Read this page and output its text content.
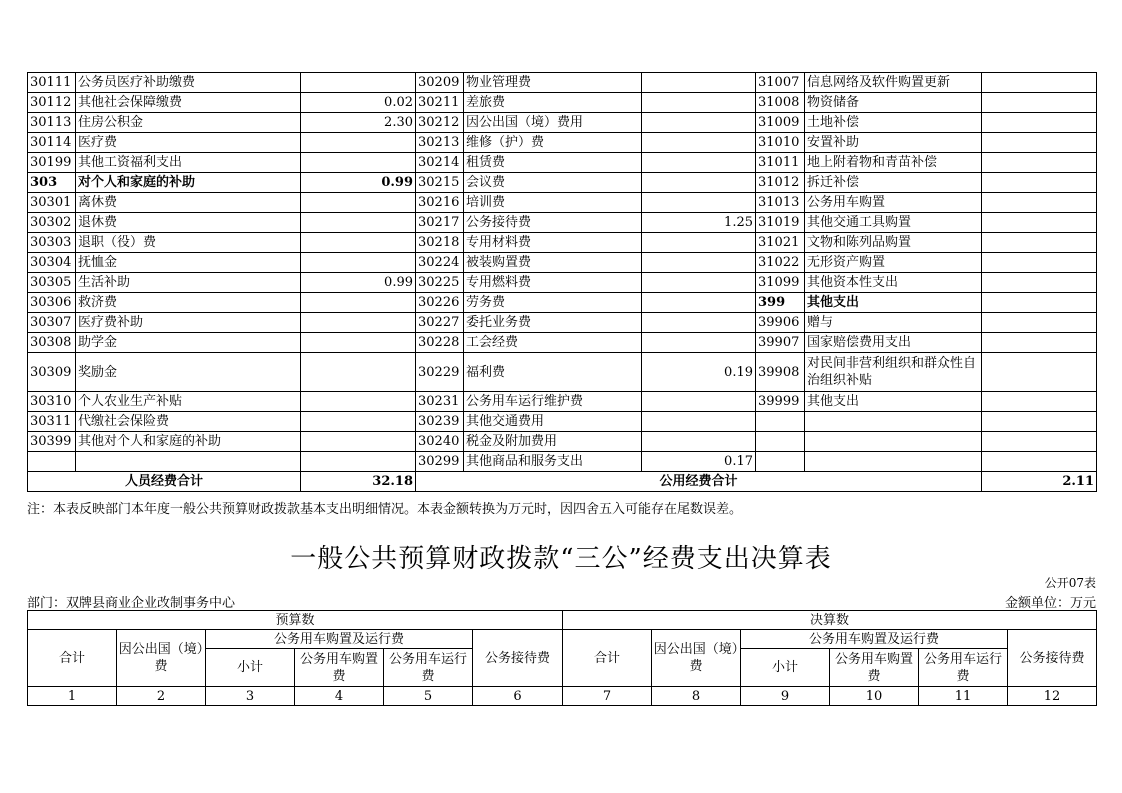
30111	公务员医疗补助缴费		30209	物业管理费		31007	信息网络及软件购置更新	
30112	其他社会保障缴费	0.02	30211	差旅费		31008	物资储备	
30113	住房公积金	2.30	30212	因公出国（境）费用		31009	土地补偿	
30114	医疗费		30213	维修（护）费		31010	安置补助	
30199	其他工资福利支出		30214	租赁费		31011	地上附着物和青苗补偿	
303	对个人和家庭的补助	0.99	30215	会议费		31012	拆迁补偿	
30301	离休费		30216	培训费		31013	公务用车购置	
30302	退休费		30217	公务接待费	1.25	31019	其他交通工具购置	
30303	退职（役）费		30218	专用材料费		31021	文物和陈列品购置	
30304	抚恤金		30224	被装购置费		31022	无形资产购置	
30305	生活补助	0.99	30225	专用燃料费		31099	其他资本性支出	
30306	救济费		30226	劳务费		399	其他支出	
30307	医疗费补助		30227	委托业务费		39906	赠与	
30308	助学金		30228	工会经费		39907	国家赔偿费用支出	
30309	奖励金		30229	福利费	0.19	39908	对民间非营利组织和群众性自治组织补贴	
30310	个人农业生产补贴		30231	公务用车运行维护费		39999	其他支出	
30311	代缴社会保险费		30239	其他交通费用				
30399	其他对个人和家庭的补助		30240	税金及附加费用				
			30299	其他商品和服务支出	0.17			
人员经费合计		32.18	公用经费合计					2.11
注：本表反映部门本年度一般公共预算财政拨款基本支出明细情况。本表金额转换为万元时，因四舍五入可能存在尾数误差。
一般公共预算财政拨款“三公”经费支出决算表
公开07表
部门：双牌县商业企业改制事务中心	金额单位：万元
预算数						决算数					
合计	因公出国（境）费	公务用车购置及运行费			公务接待费	合计	因公出国（境）费	公务用车购置及运行费			公务接待费
		小计	公务用车购置费	公务用车运行费				小计	公务用车购置费	公务用车运行费	
1	2	3	4	5	6	7	8	9	10	11	12
